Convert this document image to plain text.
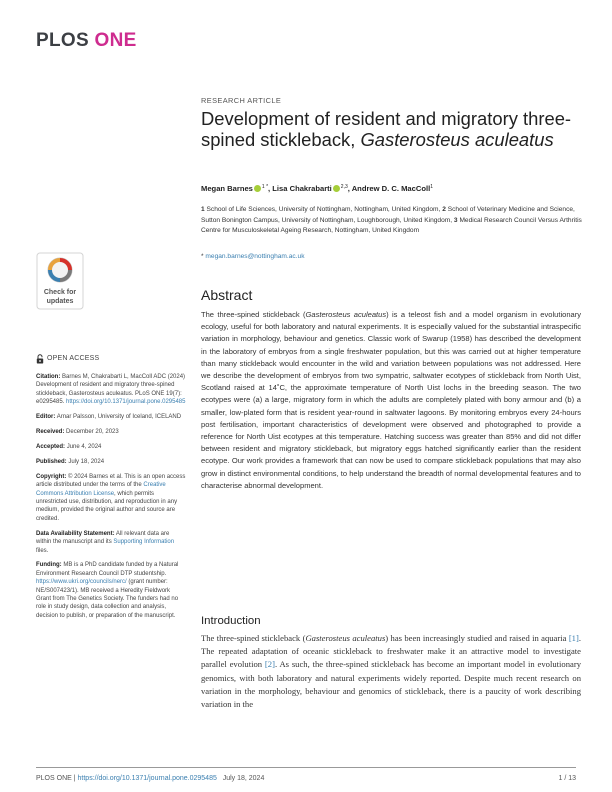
PLOS ONE
RESEARCH ARTICLE
Development of resident and migratory three-spined stickleback, Gasterosteus aculeatus
Megan Barnes $^{1 *}$, Lisa Chakrabarti $^{2,3}$, Andrew D. C. MacColl$^1$
1 School of Life Sciences, University of Nottingham, Nottingham, United Kingdom, 2 School of Veterinary Medicine and Science, Sutton Bonington Campus, University of Nottingham, Loughborough, United Kingdom, 3 Medical Research Council Versus Arthritis Centre for Musculoskeletal Ageing Research, Nottingham, United Kingdom
* megan.barnes@nottingham.ac.uk
Check for
updates
OPEN ACCESS

Citation: Barnes M, Chakrabarti L, MacColl ADC (2024) Development of resident and migratory three-spined stickleback, Gasterosteus aculeatus. PLoS ONE 19(7): e0295485. https://doi.org/10.1371/journal.pone.0295485

Editor: Arnar Palsson, University of Iceland, ICELAND

Received: December 20, 2023

Accepted: June 4, 2024

Published: July 18, 2024

Copyright: © 2024 Barnes et al. This is an open access article distributed under the terms of the Creative Commons Attribution License, which permits unrestricted use, distribution, and reproduction in any medium, provided the original author and source are credited.

Data Availability Statement: All relevant data are within the manuscript and its Supporting Information files.

Funding: MB is a PhD candidate funded by a Natural Environment Research Council DTP studentship. https://www.ukri.org/councils/nerc/ (grant number: NE/S007423/1). MB received a Heredity Fieldwork Grant from The Genetics Society. The funders had no role in study design, data collection and analysis, decision to publish, or preparation of the manuscript.

Abstract

The three-spined stickleback (Gasterosteus aculeatus) is a teleost fish and a model organism in evolutionary ecology, useful for both laboratory and natural experiments. It is especially valued for the substantial intraspecific variation in morphology, behaviour and genetics. Classic work of Swarup (1958) has described the development in the laboratory of embryos from a single freshwater population, but this was carried out at higher temperature than many stickleback would encounter in the wild and variation between populations was not addressed. Here we describe the development of embryos from two sympatric, saltwater ecotypes of stickleback from North Uist, Scotland raised at 14˚C, the approximate temperature of North Uist lochs in the breeding season. The two ecotypes were (a) a large, migratory form in which the adults are completely plated with bony armour and (b) a smaller, low-plated form that is resident year-round in saltwater lagoons. By monitoring embryos every 24-hours post fertilisation, important characteristics of development were observed and photographed to provide a reference for North Uist ecotypes at this temperature. Hatching success was greater than 85% and did not differ between resident and migratory stickleback, but migratory eggs hatched significantly earlier than the resident ecotype. Our work provides a framework that can now be used to compare stickleback populations that may also grow in distinct environmental conditions, to help understand the breadth of normal developmental features and to characterise abnormal development.

Introduction

The three-spined stickleback (Gasterosteus aculeatus) has been increasingly studied and raised in aquaria [1]. The repeated adaptation of oceanic stickleback to freshwater make it an attractive model to investigate parallel evolution [2]. As such, the three-spined stickleback has become an important model in evolutionary genomics, with both laboratory and natural experiments widely reported. Despite much recent research on variation in the morphology, behaviour and genomics of stickleback, there is a paucity of work describing variation in the

PLOS ONE | https://doi.org/10.1371/journal.pone.0295485 July 18, 2024	1 / 13
